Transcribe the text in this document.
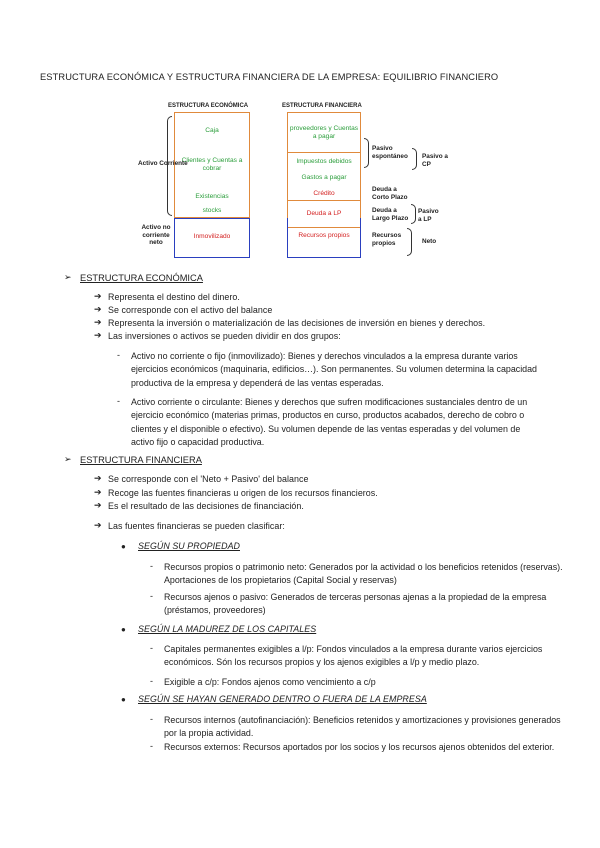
ESTRUCTURA ECONÓMICA Y ESTRUCTURA FINANCIERA DE LA EMPRESA: EQUILIBRIO FINANCIERO
ESTRUCTURA ECONÓMICA	ESTRUCTURA FINANCIERA
Caja
Clientes y Cuentas a cobrar
Existencias
stocks
Inmovilizado
proveedores y Cuentas a pagar
Impuestos debidos
Gastos a pagar
Crédito
Deuda a LP
Recursos propios
Activo Corriente
Activo no corriente neto
Pasivo espontáneo	Pasivo a CP
Deuda a Corto Plazo
Deuda a Largo Plazo
Pasivo a LP
Recursos propios	Neto
➢ ESTRUCTURA ECONÓMICA
➔ Representa el destino del dinero.
➔ Se corresponde con el activo del balance
➔ Representa la inversión o materialización de las decisiones de inversión en bienes y derechos.
➔ Las inversiones o activos se pueden dividir en dos grupos:
- Activo no corriente o fijo (inmovilizado): Bienes y derechos vinculados a la empresa durante varios ejercicios económicos (maquinaria, edificios…). Son permanentes. Su volumen determina la capacidad productiva de la empresa y dependerá de las ventas esperadas.
- Activo corriente o circulante: Bienes y derechos que sufren modificaciones sustanciales dentro de un ejercicio económico (materias primas, productos en curso, productos acabados, derecho de cobro o clientes y el disponible o efectivo). Su volumen depende de las ventas esperadas y del volumen de activo fijo o capacidad productiva.
➢ ESTRUCTURA FINANCIERA
➔ Se corresponde con el 'Neto + Pasivo' del balance
➔ Recoge las fuentes financieras u origen de los recursos financieros.
➔ Es el resultado de las decisiones de financiación.
➔ Las fuentes financieras se pueden clasificar:
● SEGÚN SU PROPIEDAD
- Recursos propios o patrimonio neto: Generados por la actividad o los beneficios retenidos (reservas). Aportaciones de los propietarios (Capital Social y reservas)
- Recursos ajenos o pasivo: Generados de terceras personas ajenas a la propiedad de la empresa (préstamos, proveedores)
● SEGÚN LA MADUREZ DE LOS CAPITALES
- Capitales permanentes exigibles a l/p: Fondos vinculados a la empresa durante varios ejercicios económicos. Són los recursos propios y los ajenos exigibles a l/p y medio plazo.
- Exigible a c/p: Fondos ajenos como vencimiento a c/p
● SEGÚN SE HAYAN GENERADO DENTRO O FUERA DE LA EMPRESA
- Recursos internos (autofinanciación): Beneficios retenidos y amortizaciones y provisiones generados por la propia actividad.
- Recursos externos: Recursos aportados por los socios y los recursos ajenos obtenidos del exterior.
